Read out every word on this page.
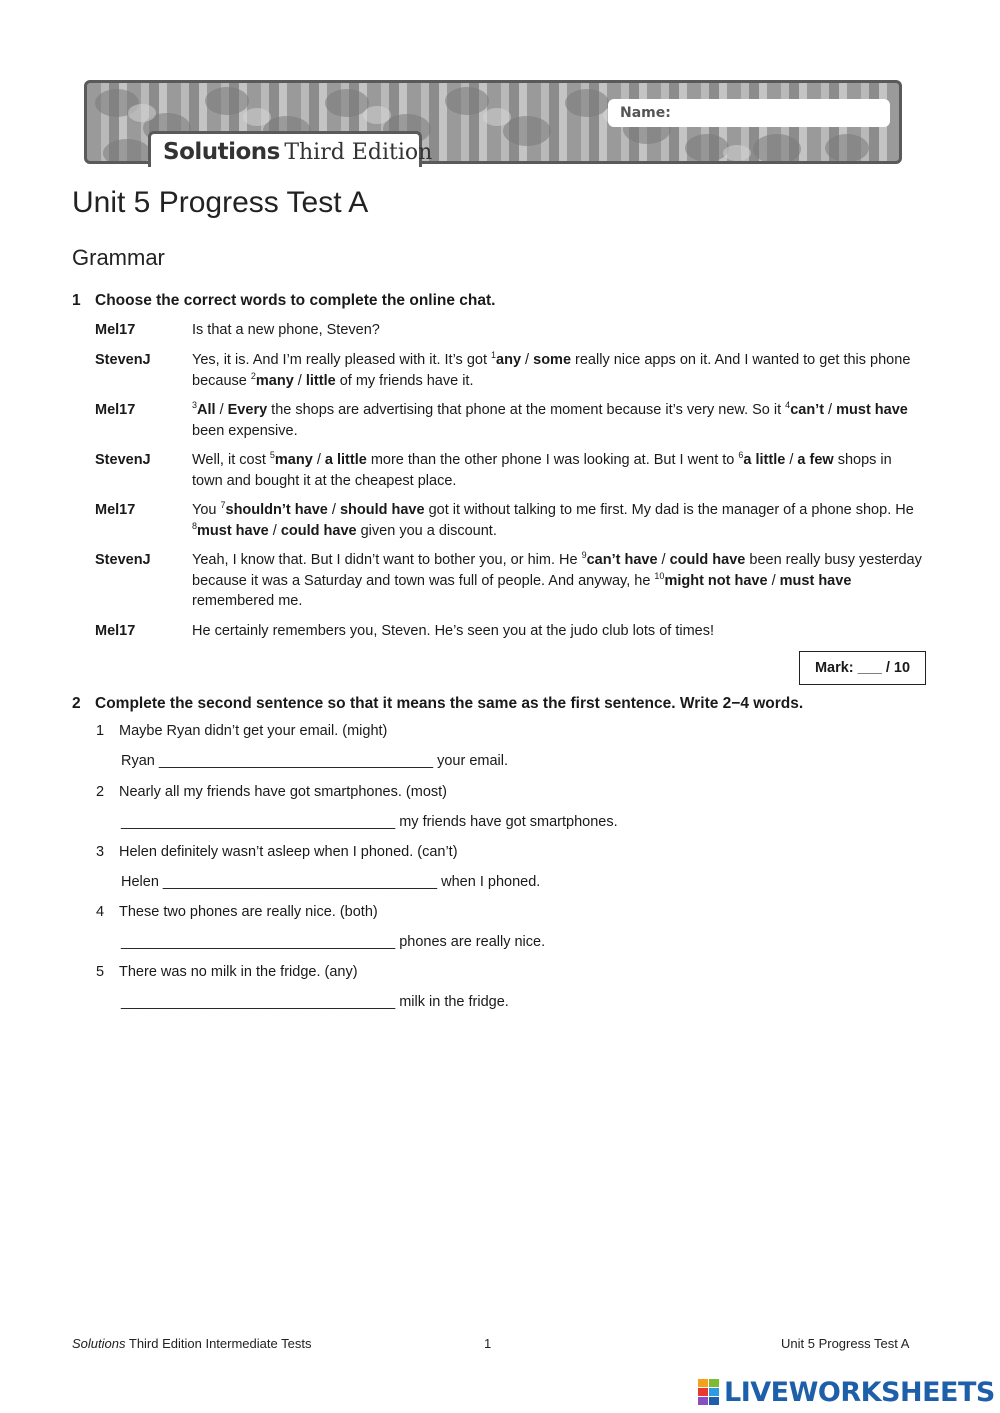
Name:
Solutions Third Edition
Unit 5 Progress Test A
Grammar
1 Choose the correct words to complete the online chat.
Mel17	Is that a new phone, Steven?
StevenJ	Yes, it is. And I’m really pleased with it. It’s got $^1$any / some really nice apps on it. And I wanted to get this phone because $^2$many / little of my friends have it.
Mel17	$^3$All / Every the shops are advertising that phone at the moment because it’s very new. So it $^4$can’t / must have been expensive.
StevenJ	Well, it cost $^5$many / a little more than the other phone I was looking at. But I went to $^6$a little / a few shops in town and bought it at the cheapest place.
Mel17	You $^7$shouldn’t have / should have got it without talking to me first. My dad is the manager of a phone shop. He $^8$must have / could have given you a discount.
StevenJ	Yeah, I know that. But I didn’t want to bother you, or him. He $^9$can’t have / could have been really busy yesterday because it was a Saturday and town was full of people. And anyway, he $^{10}$might not have / must have remembered me.
Mel17	He certainly remembers you, Steven. He’s seen you at the judo club lots of times!
Mark: ___ / 10
2 Complete the second sentence so that it means the same as the first sentence. Write 2−4 words.
1 Maybe Ryan didn’t get your email. (might)
Ryan __________________________________ your email.
2 Nearly all my friends have got smartphones. (most)
__________________________________ my friends have got smartphones.
3 Helen definitely wasn’t asleep when I phoned. (can’t)
Helen __________________________________ when I phoned.
4 These two phones are really nice. (both)
__________________________________ phones are really nice.
5 There was no milk in the fridge. (any)
__________________________________ milk in the fridge.
Solutions Third Edition Intermediate Tests	1	Unit 5 Progress Test A
LIVEWORKSHEETS
